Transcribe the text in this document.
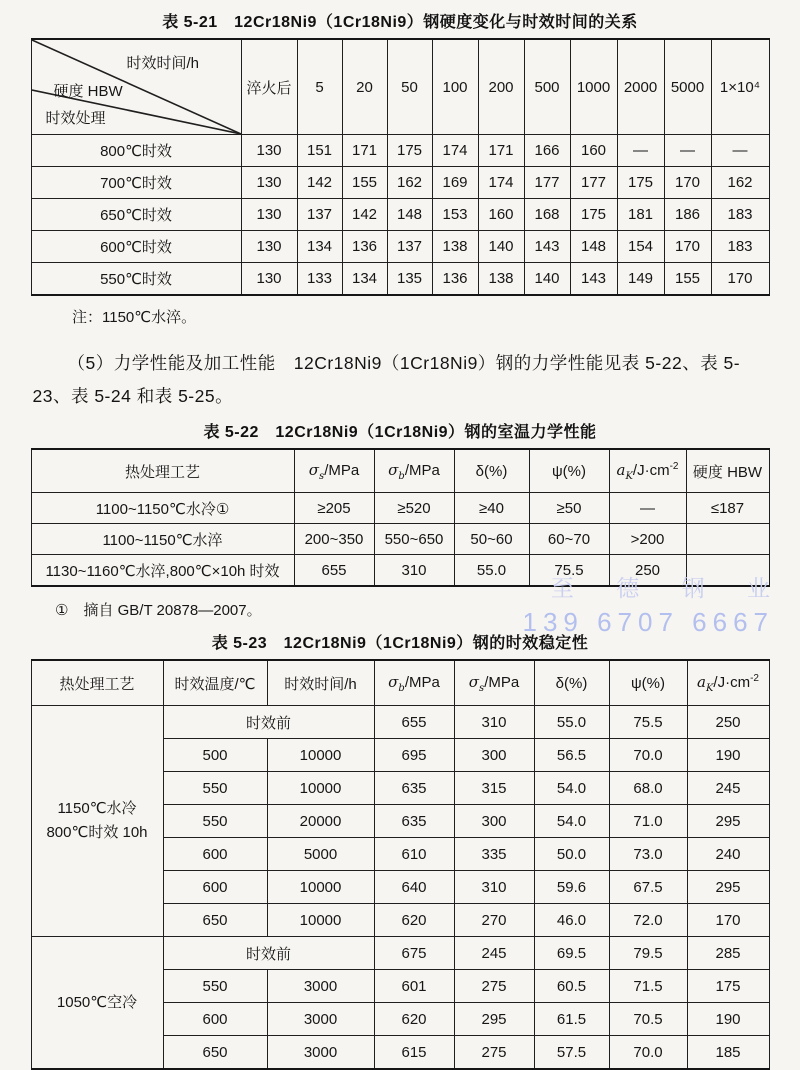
至 德 钢 业
139 6707 6667
表 5-21　12Cr18Ni9（1Cr18Ni9）钢硬度变化与时效时间的关系
时效时间/h
硬度 HBW
时效处理	淬火后	5	20	50	100	200	500	1000	2000	5000	1×10⁴
800℃时效	130	151	171	175	174	171	166	160	—	—	—
700℃时效	130	142	155	162	169	174	177	177	175	170	162
650℃时效	130	137	142	148	153	160	168	175	181	186	183
600℃时效	130	134	136	137	138	140	143	148	154	170	183
550℃时效	130	133	134	135	136	138	140	143	149	155	170
注：1150℃水淬。

（5）力学性能及加工性能　12Cr18Ni9（1Cr18Ni9）钢的力学性能见表 5-22、表 5-23、表 5-24 和表 5-25。

表 5-22　12Cr18Ni9（1Cr18Ni9）钢的室温力学性能
热处理工艺	$\sigma_s$/MPa	$\sigma_b$/MPa	δ(%)	ψ(%)	$a_K/J\cdot cm^{-2}$	硬度 HBW
1100~1150℃水冷①	≥205	≥520	≥40	≥50	—	≤187
1100~1150℃水淬	200~350	550~650	50~60	60~70	>200	
1130~1160℃水淬,800℃×10h 时效	655	310	55.0	75.5	250	
①　摘自 GB/T 20878—2007。
表 5-23　12Cr18Ni9（1Cr18Ni9）钢的时效稳定性
热处理工艺	时效温度/℃	时效时间/h	$\sigma_b$/MPa	$\sigma_s$/MPa	δ(%)	ψ(%)	$a_K/J\cdot cm^{-2}$

1150℃水冷
800℃时效 10h	时效前		655	310	55.0	75.5	250
	500	10000	695	300	56.5	70.0	190
	550	10000	635	315	54.0	68.0	245
	550	20000	635	300	54.0	71.0	295
	600	5000	610	335	50.0	73.0	240
	600	10000	640	310	59.6	67.5	295
	650	10000	620	270	46.0	72.0	170

1050℃空冷	时效前		675	245	69.5	79.5	285
	550	3000	601	275	60.5	71.5	175
	600	3000	620	295	61.5	70.5	190
	650	3000	615	275	57.5	70.0	185
